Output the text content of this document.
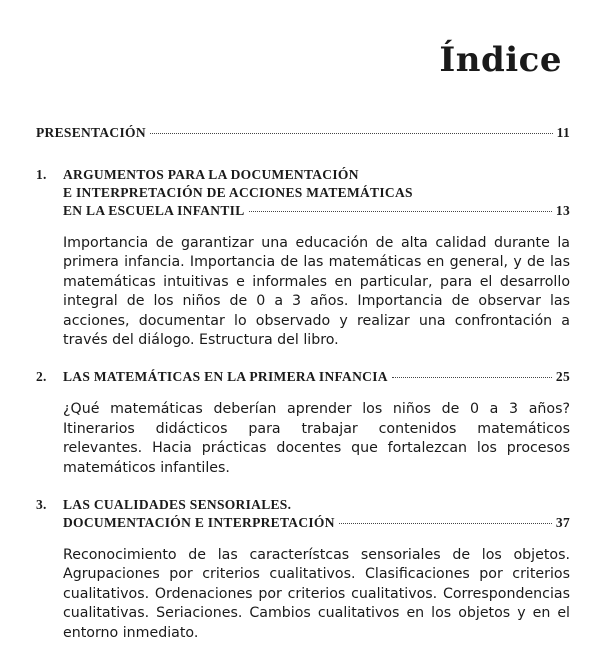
Índice
PRESENTACIÓN	11
1.	ARGUMENTOS PARA LA DOCUMENTACIÓN
E INTERPRETACIÓN DE ACCIONES MATEMÁTICAS
EN LA ESCUELA INFANTIL	13

Importancia de garantizar una educación de alta calidad durante la primera infancia. Importancia de las matemáticas en general, y de las matemáticas intuitivas e informales en particular, para el desarrollo integral de los niños de 0 a 3 años. Importancia de observar las acciones, documentar lo observado y realizar una confrontación a través del diálogo. Estructura del libro.

2.	LAS MATEMÁTICAS EN LA PRIMERA INFANCIA	25

¿Qué matemáticas deberían aprender los niños de 0 a 3 años? Itinerarios didácticos para trabajar contenidos matemáticos relevantes. Hacia prácticas docentes que fortalezcan los procesos matemáticos infantiles.

3.	LAS CUALIDADES SENSORIALES.
DOCUMENTACIÓN E INTERPRETACIÓN	37

Reconocimiento de las característcas sensoriales de los objetos. Agrupaciones por criterios cualitativos. Clasificaciones por criterios cualitativos. Ordenaciones por criterios cualitativos. Correspondencias cualitativas. Seriaciones. Cambios cualitativos en los objetos y en el entorno inmediato.
